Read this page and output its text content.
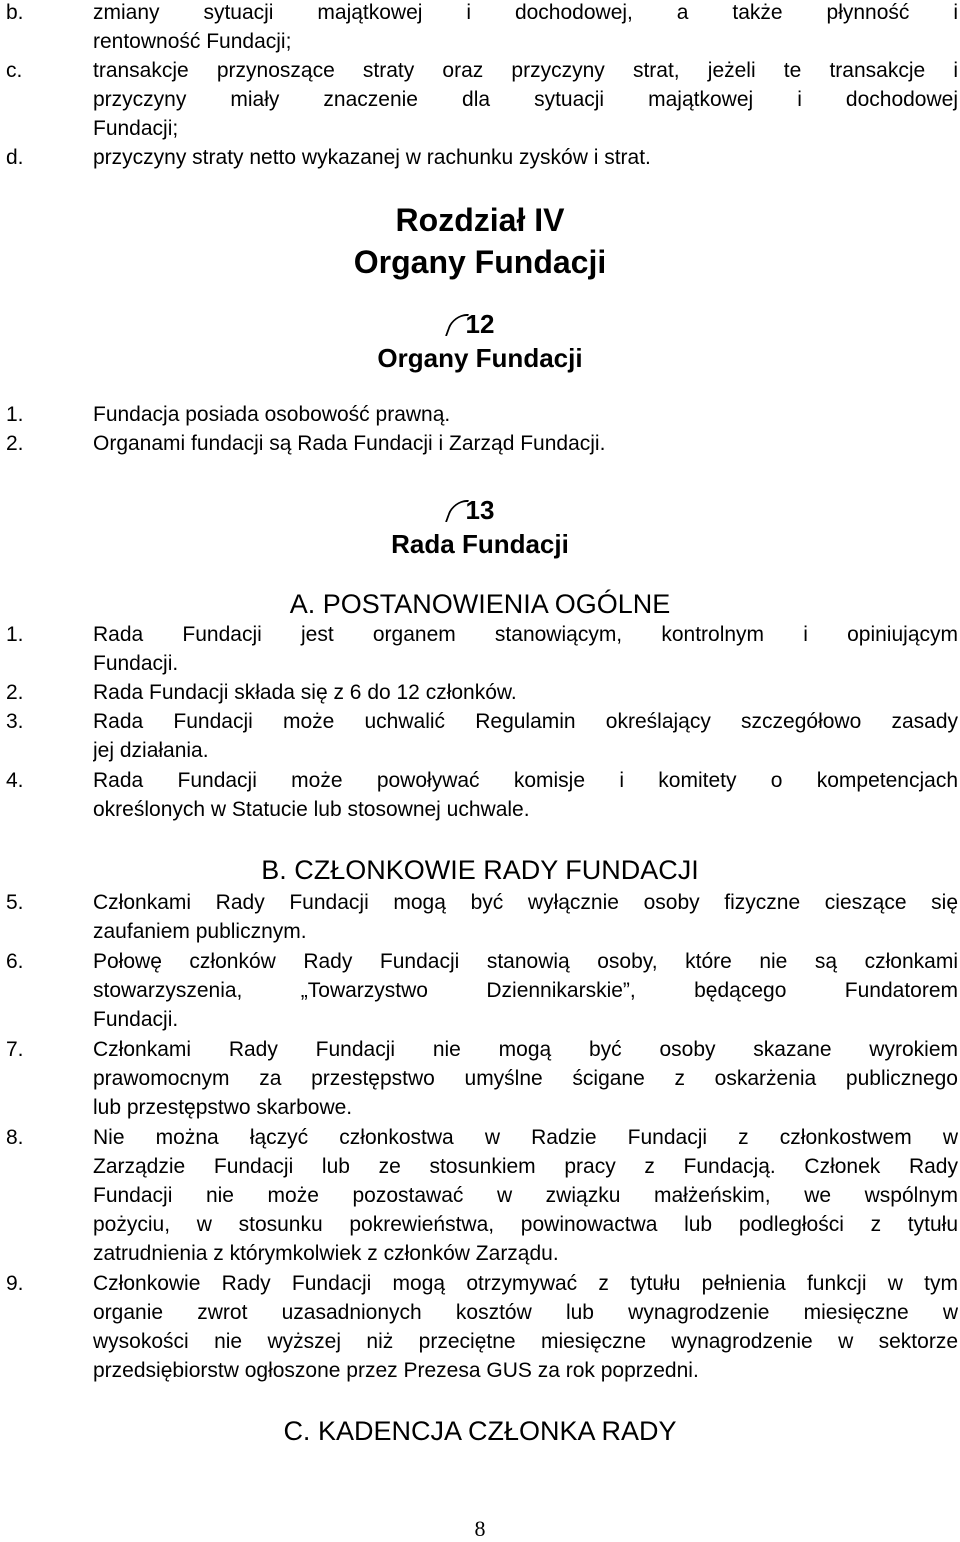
b.	zmiany sytuacji majątkowej i dochodowej, a także płynność i
rentowność Fundacji;
c.	transakcje przynoszące straty oraz przyczyny strat, jeżeli te transakcje i
przyczyny miały znaczenie dla sytuacji majątkowej i dochodowej
Fundacji;
d.	przyczyny straty netto wykazanej w rachunku zysków i strat.
Rozdział IV
Organy Fundacji
12
Organy Fundacji
1.	Fundacja posiada osobowość prawną.
2.	Organami fundacji są Rada Fundacji i Zarząd Fundacji.
13
Rada Fundacji
A. POSTANOWIENIA OGÓLNE
1.	Rada Fundacji jest organem stanowiącym, kontrolnym i opiniującym
Fundacji.
2.	Rada Fundacji składa się z 6 do 12 członków.
3.	Rada Fundacji może uchwalić Regulamin określający szczegółowo zasady
jej działania.
4.	Rada Fundacji może powoływać komisje i komitety o kompetencjach
określonych w Statucie lub stosownej uchwale.
B. CZŁONKOWIE RADY FUNDACJI
5.	Członkami Rady Fundacji mogą być wyłącznie osoby fizyczne cieszące się
zaufaniem publicznym.
6.	Połowę członków Rady Fundacji stanowią osoby, które nie są członkami
stowarzyszenia, „Towarzystwo Dziennikarskie”, będącego Fundatorem
Fundacji.
7.	Członkami Rady Fundacji nie mogą być osoby skazane wyrokiem
prawomocnym za przestępstwo umyślne ścigane z oskarżenia publicznego
lub przestępstwo skarbowe.
8.	Nie można łączyć członkostwa w Radzie Fundacji z członkostwem w
Zarządzie Fundacji lub ze stosunkiem pracy z Fundacją. Członek Rady
Fundacji nie może pozostawać w związku małżeńskim, we wspólnym
pożyciu, w stosunku pokrewieństwa, powinowactwa lub podległości z tytułu
zatrudnienia z którymkolwiek z członków Zarządu.
9.	Członkowie Rady Fundacji mogą otrzymywać z tytułu pełnienia funkcji w tym
organie zwrot uzasadnionych kosztów lub wynagrodzenie miesięczne w
wysokości nie wyższej niż przeciętne miesięczne wynagrodzenie w sektorze
przedsiębiorstw ogłoszone przez Prezesa GUS za rok poprzedni.
C. KADENCJA CZŁONKA RADY
8
